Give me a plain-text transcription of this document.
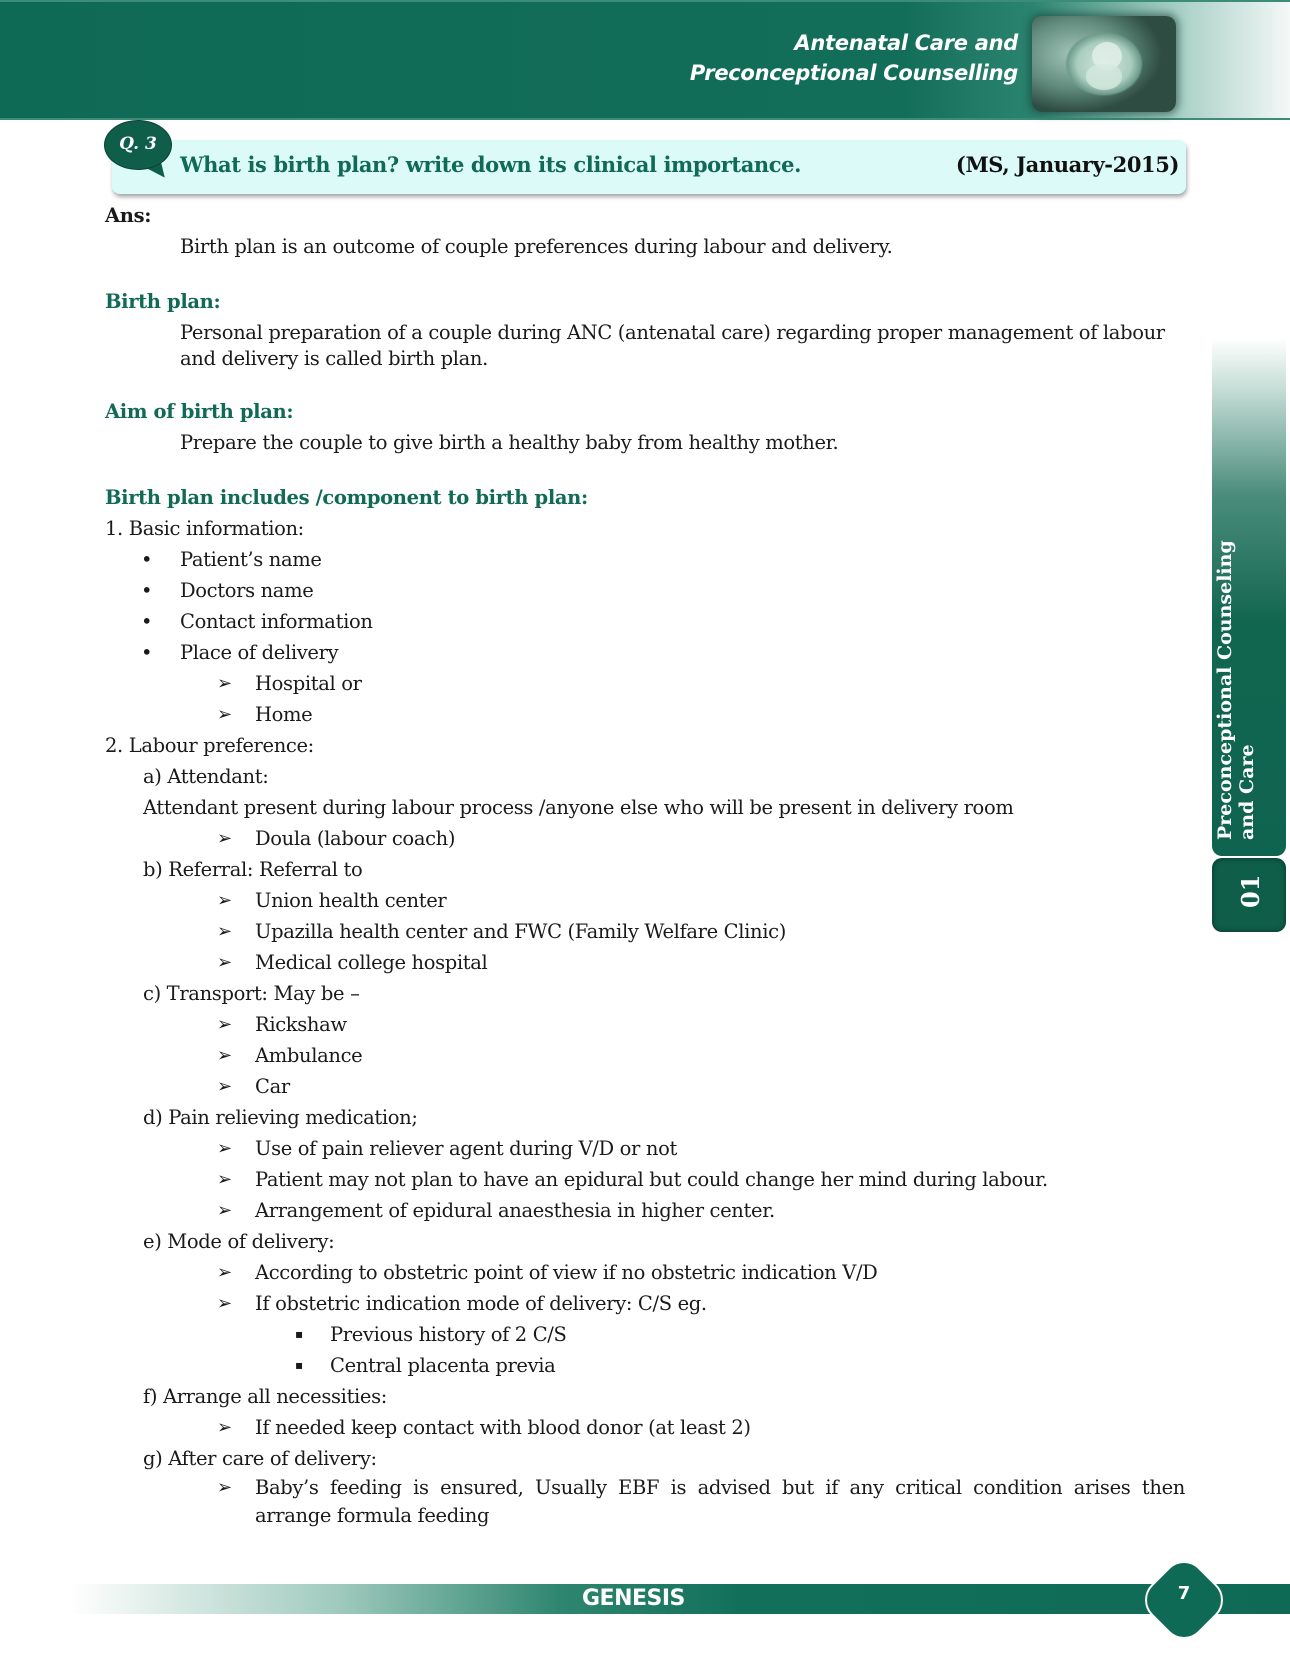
Antenatal Care and
Preconceptional Counselling
Q. 3
What is birth plan? write down its clinical importance.	(MS, January-2015)

Ans:

Birth plan is an outcome of couple preferences during labour and delivery.

Birth plan:

Personal preparation of a couple during ANC (antenatal care) regarding proper management of labour and delivery is called birth plan.

Aim of birth plan:

Prepare the couple to give birth a healthy baby from healthy mother.

Birth plan includes /component to birth plan:

1. Basic information:

• Patient’s name
• Doctors name
• Contact information
• Place of delivery
➢ Hospital or
➢ Home

2. Labour preference:

a) Attendant:

Attendant present during labour process /anyone else who will be present in delivery room

➢ Doula (labour coach)

b) Referral: Referral to

➢ Union health center
➢ Upazilla health center and FWC (Family Welfare Clinic)
➢ Medical college hospital

c) Transport: May be –

➢ Rickshaw
➢ Ambulance
➢ Car

d) Pain relieving medication;

➢ Use of pain reliever agent during V/D or not
➢ Patient may not plan to have an epidural but could change her mind during labour.
➢ Arrangement of epidural anaesthesia in higher center.

e) Mode of delivery:

➢ According to obstetric point of view if no obstetric indication V/D
➢ If obstetric indication mode of delivery: C/S eg.
▪ Previous history of 2 C/S
▪ Central placenta previa

f) Arrange all necessities:

➢ If needed keep contact with blood donor (at least 2)

g) After care of delivery:

➢ Baby’s feeding is ensured, Usually EBF is advised but if any critical condition arises then arrange formula feeding
and Care
01
GENESIS	7
